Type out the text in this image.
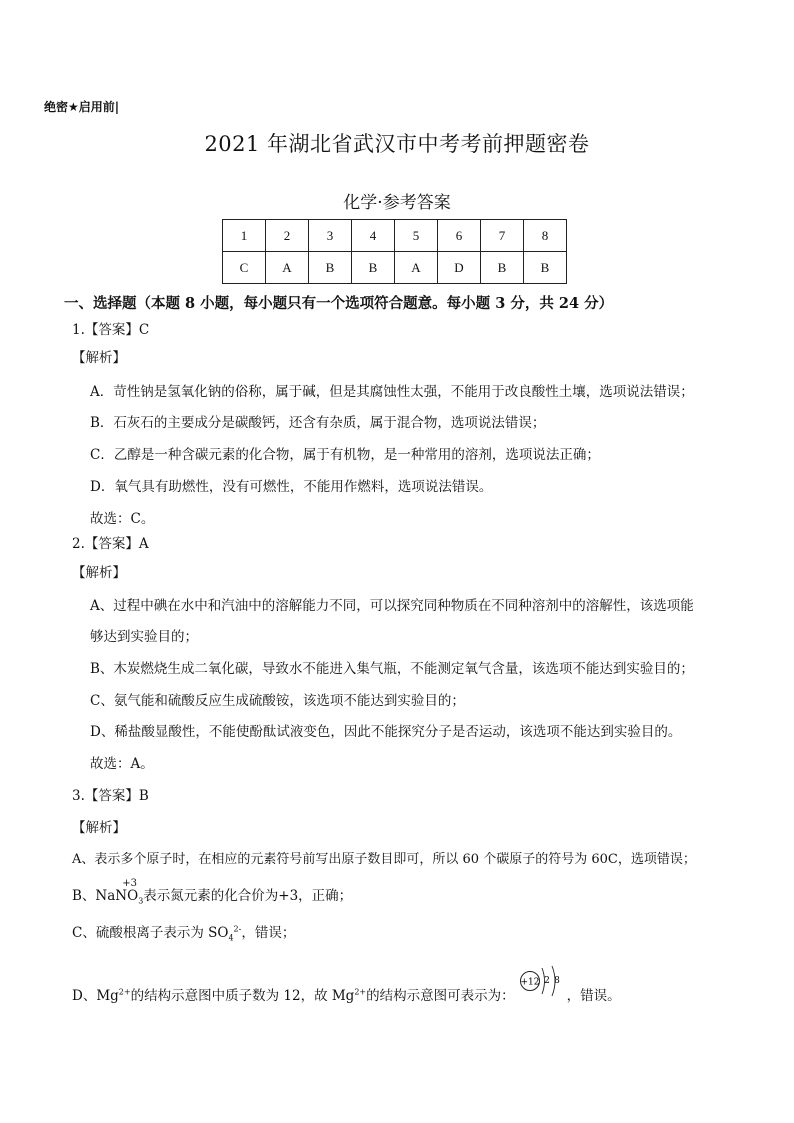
绝密★启用前|
2021 年湖北省武汉市中考考前押题密卷
化学·参考答案
1	2	3	4	5	6	7	8
C	A	B	B	A	D	B	B
一、选择题（本题 8 小题，每小题只有一个选项符合题意。每小题 3 分，共 24 分）
1.【答案】C
【解析】
A．苛性钠是氢氧化钠的俗称，属于碱，但是其腐蚀性太强，不能用于改良酸性土壤，选项说法错误；
B．石灰石的主要成分是碳酸钙，还含有杂质，属于混合物，选项说法错误；
C．乙醇是一种含碳元素的化合物，属于有机物，是一种常用的溶剂，选项说法正确；
D．氧气具有助燃性，没有可燃性，不能用作燃料，选项说法错误。
故选：C。
2.【答案】A
【解析】
A、过程中碘在水中和汽油中的溶解能力不同，可以探究同种物质在不同种溶剂中的溶解性，该选项能
够达到实验目的；
B、木炭燃烧生成二氧化碳，导致水不能进入集气瓶，不能测定氧气含量，该选项不能达到实验目的；
C、氨气能和硫酸反应生成硫酸铵，该选项不能达到实验目的；
D、稀盐酸显酸性，不能使酚酞试液变色，因此不能探究分子是否运动，该选项不能达到实验目的。
故选：A。
3.【答案】B
【解析】
A、表示多个原子时，在相应的元素符号前写出原子数目即可，所以 60 个碳原子的符号为 60C，选项错误；
B、Na
+3
$NO_3$表示氮元素的化合价为+3，正确；
C、硫酸根离子表示为 $SO_4^{2-}$，错误；
D、$Mg^{2+}$的结构示意图中质子数为 12，故 $Mg^{2+}$的结构示意图可表示为：	，错误。
+12 2 8
